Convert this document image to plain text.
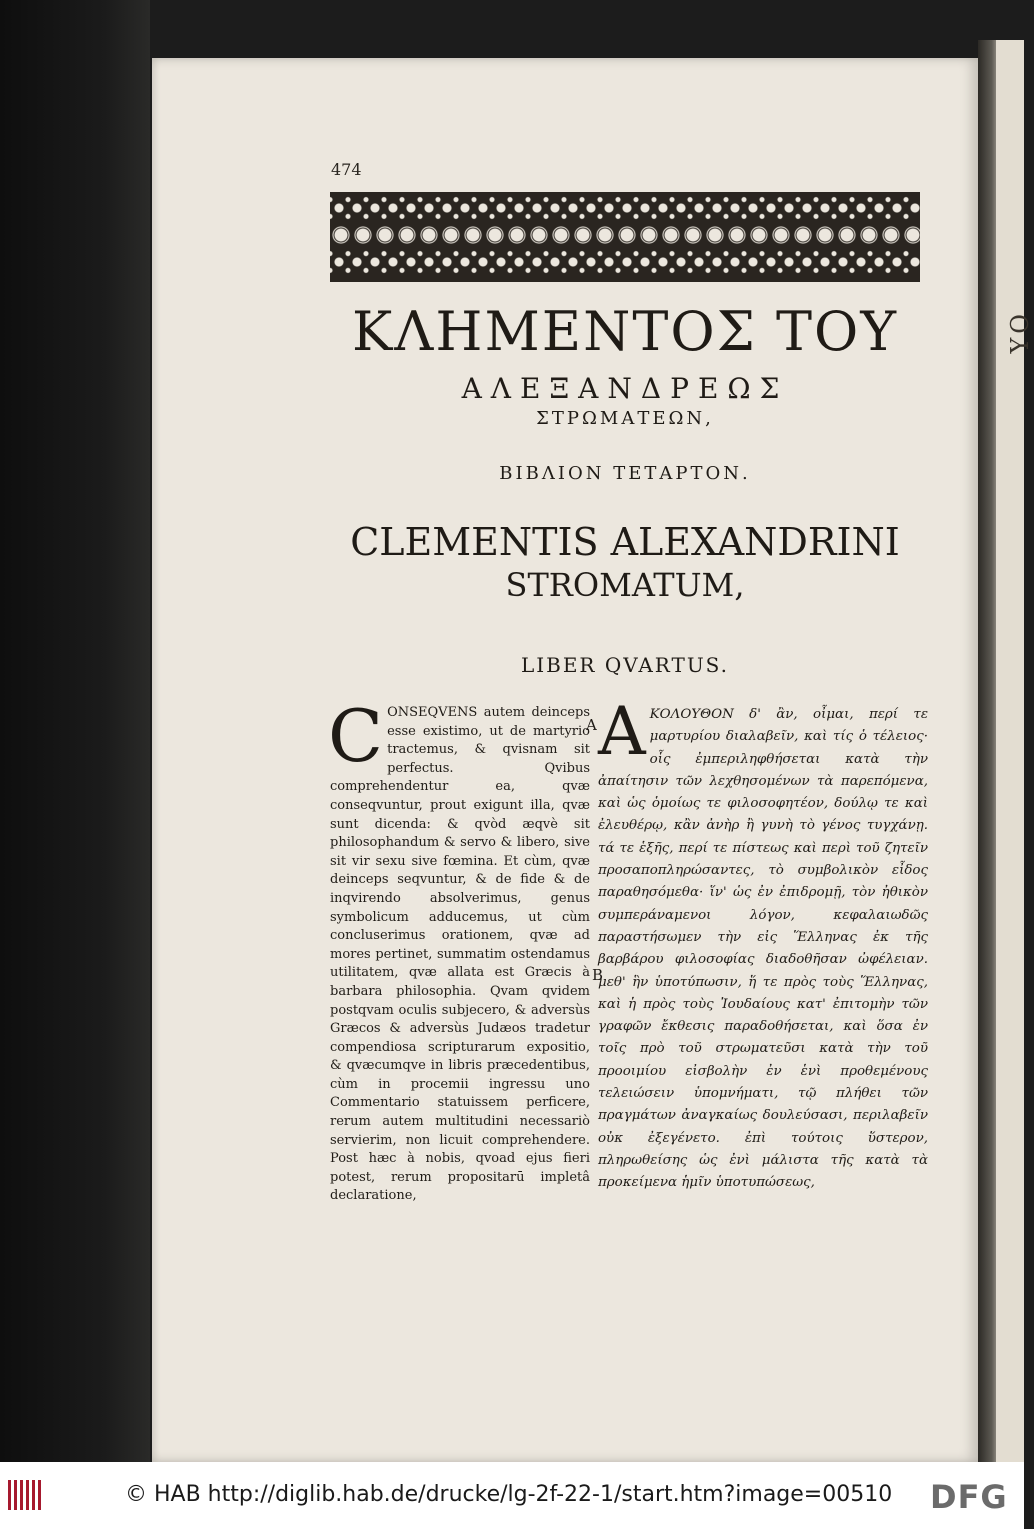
YO
474
ΚΛΗΜΕΝΤΟΣ ΤΟΥ
ΑΛΕΞΑΝΔΡΕΩΣ
ΣΤΡΩΜΑΤΕΩΝ,
ΒΙΒΛΙΟΝ ΤΕΤΑΡΤΟΝ.
CLEMENTIS ALEXANDRINI
STROMATUM,
LIBER QVARTUS.
C ONSEQVENS autem deinceps esse existimo, ut de martyrio tractemus, & qvisnam sit perfectus. Qvibus comprehendentur ea, qvæ conseqvuntur, prout exigunt illa, qvæ sunt dicenda: & qvòd æqvè sit philosophandum & servo & libero, sive sit vir sexu sive fœmina. Et cùm, qvæ deinceps seqvuntur, & de fide & de inqvirendo absolverimus, genus symbolicum adducemus, ut cùm concluserimus orationem, qvæ ad mores pertinet, summatim ostendamus utilitatem, qvæ allata est Græcis à barbara philosophia. Qvam qvidem postqvam oculis subjecero, & adversùs Græcos & adversùs Judæos tradetur compendiosa scripturarum expositio, & qvæcumqve in libris præcedentibus, cùm in procemii ingressu uno Commentario statuissem perficere, rerum autem multitudini necessariò servierim, non licuit comprehendere. Post hæc à nobis, qvoad ejus fieri potest, rerum propositarū impletâ declaratione,

A
B
Α ΚΟΛΟΥΘΟΝ δ' ἂν, οἶμαι, περί τε μαρτυρίου διαλαβεῖν, καὶ τίς ὁ τέλειος· οἷς ἐμπεριληφθήσεται κατὰ τὴν ἀπαίτησιν τῶν λεχθησομένων τὰ παρεπόμενα, καὶ ὡς ὁμοίως τε φιλοσοφητέον, δούλῳ τε καὶ ἐλευθέρῳ, κἂν ἀνὴρ ἢ γυνὴ τὸ γένος τυγχάνῃ. τά τε ἑξῆς, περί τε πίστεως καὶ περὶ τοῦ ζητεῖν προσαποπληρώσαντες, τὸ συμβολικὸν εἶδος παραθησόμεθα· ἵν' ὡς ἐν ἐπιδρομῇ, τὸν ἠθικὸν συμπεράναμενοι λόγον, κεφαλαιωδῶς παραστήσωμεν τὴν εἰς Ἕλληνας ἐκ τῆς βαρβάρου φιλοσοφίας διαδοθῆσαν ὠφέλειαν. μεθ' ἣν ὑποτύπωσιν, ἥ τε πρὸς τοὺς Ἕλληνας, καὶ ἡ πρὸς τοὺς Ἰουδαίους κατ' ἐπιτομὴν τῶν γραφῶν ἔκθεσις παραδοθήσεται, καὶ ὅσα ἐν τοῖς πρὸ τοῦ στρωματεῦσι κατὰ τὴν τοῦ προοιμίου εἰσβολὴν ἐν ἑνὶ προθεμένους τελειώσειν ὑπομνήματι, τῷ πλήθει τῶν πραγμάτων ἀναγκαίως δουλεύσασι, περιλαβεῖν οὐκ ἐξεγένετο. ἐπὶ τούτοις ὕστερον, πληρωθείσης ὡς ἐνὶ μάλιστα τῆς κατὰ τὰ προκείμενα ἡμῖν ὑποτυπώσεως,

© HAB http://diglib.hab.de/drucke/lg-2f-22-1/start.htm?image=00510 DFG
